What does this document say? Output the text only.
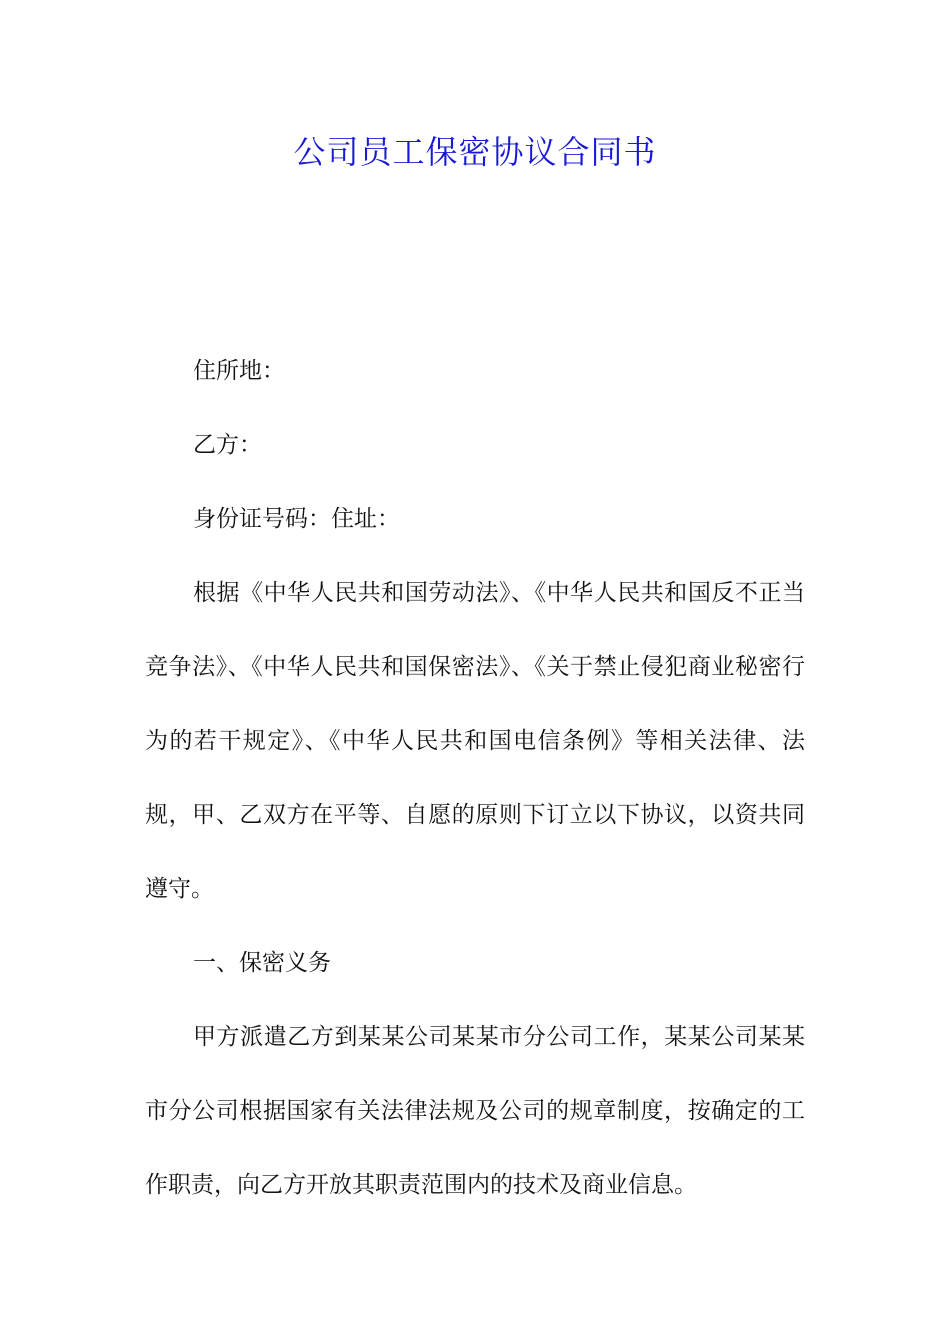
公司员工保密协议合同书

住所地：

乙方：

身份证号码：住址：

根据《中华人民共和国劳动法》、《中华人民共和国反不正当竞争法》、《中华人民共和国保密法》、《关于禁止侵犯商业秘密行为的若干规定》、《中华人民共和国电信条例》等相关法律、法规，甲、乙双方在平等、自愿的原则下订立以下协议，以资共同遵守。

一、保密义务

甲方派遣乙方到某某公司某某市分公司工作，某某公司某某市分公司根据国家有关法律法规及公司的规章制度，按确定的工作职责，向乙方开放其职责范围内的技术及商业信息。
